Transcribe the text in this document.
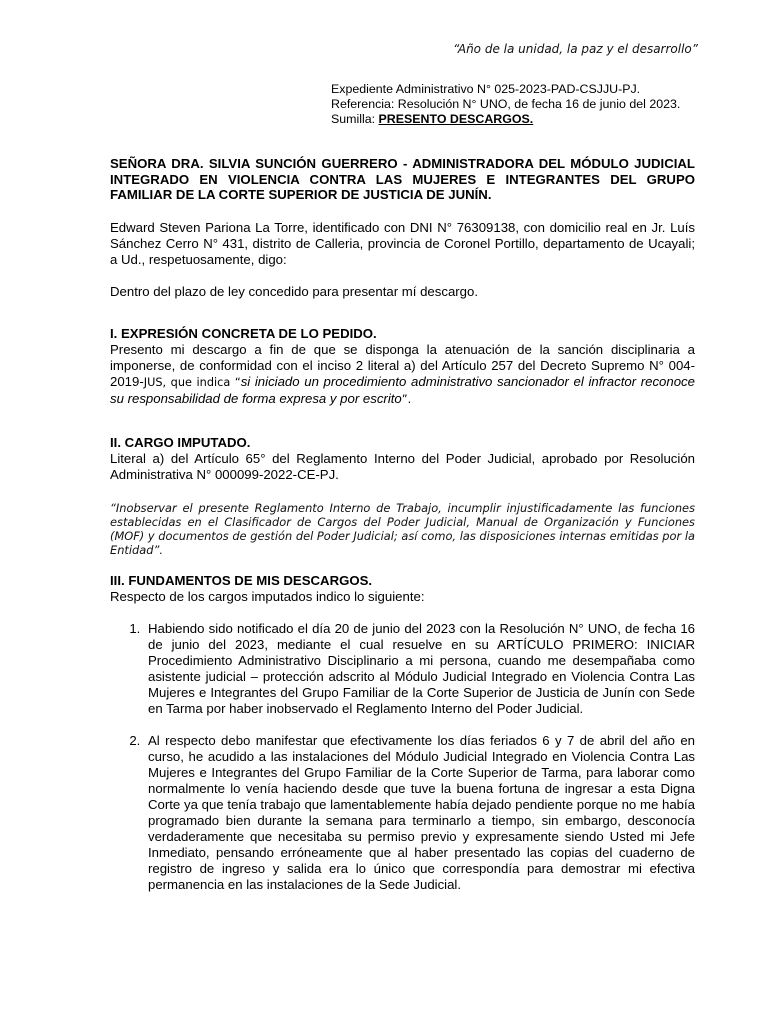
“Año de la unidad, la paz y el desarrollo”
Expediente Administrativo N° 025-2023-PAD-CSJJU-PJ.
Referencia: Resolución N° UNO, de fecha 16 de junio del 2023.
Sumilla: PRESENTO DESCARGOS.

SEÑORA DRA. SILVIA SUNCIÓN GUERRERO - ADMINISTRADORA DEL MÓDULO JUDICIAL INTEGRADO EN VIOLENCIA CONTRA LAS MUJERES E INTEGRANTES DEL GRUPO FAMILIAR DE LA CORTE SUPERIOR DE JUSTICIA DE JUNÍN.

Edward Steven Pariona La Torre, identificado con DNI N° 76309138, con domicilio real en Jr. Luís Sánchez Cerro N° 431, distrito de Calleria, provincia de Coronel Portillo, departamento de Ucayali; a Ud., respetuosamente, digo:

Dentro del plazo de ley concedido para presentar mí descargo.

I. EXPRESIÓN CONCRETA DE LO PEDIDO.

Presento mi descargo a fin de que se disponga la atenuación de la sanción disciplinaria a imponerse, de conformidad con el inciso 2 literal a) del Artículo 257 del Decreto Supremo N° 004-2019-JUS, que indica “si iniciado un procedimiento administrativo sancionador el infractor reconoce su responsabilidad de forma expresa y por escrito”.

II. CARGO IMPUTADO.

Literal a) del Artículo 65° del Reglamento Interno del Poder Judicial, aprobado por Resolución Administrativa N° 000099-2022-CE-PJ.

“Inobservar el presente Reglamento Interno de Trabajo, incumplir injustificadamente las funciones establecidas en el Clasificador de Cargos del Poder Judicial, Manual de Organización y Funciones (MOF) y documentos de gestión del Poder Judicial; así como, las disposiciones internas emitidas por la Entidad”.

III. FUNDAMENTOS DE MIS DESCARGOS.

Respecto de los cargos imputados indico lo siguiente:

1. Habiendo sido notificado el día 20 de junio del 2023 con la Resolución N° UNO, de fecha 16 de junio del 2023, mediante el cual resuelve en su ARTÍCULO PRIMERO: INICIAR Procedimiento Administrativo Disciplinario a mi persona, cuando me desempañaba como asistente judicial – protección adscrito al Módulo Judicial Integrado en Violencia Contra Las Mujeres e Integrantes del Grupo Familiar de la Corte Superior de Justicia de Junín con Sede en Tarma por haber inobservado el Reglamento Interno del Poder Judicial.
2. Al respecto debo manifestar que efectivamente los días feriados 6 y 7 de abril del año en curso, he acudido a las instalaciones del Módulo Judicial Integrado en Violencia Contra Las Mujeres e Integrantes del Grupo Familiar de la Corte Superior de Tarma, para laborar como normalmente lo venía haciendo desde que tuve la buena fortuna de ingresar a esta Digna Corte ya que tenía trabajo que lamentablemente había dejado pendiente porque no me había programado bien durante la semana para terminarlo a tiempo, sin embargo, desconocía verdaderamente que necesitaba su permiso previo y expresamente siendo Usted mi Jefe Inmediato, pensando erróneamente que al haber presentado las copias del cuaderno de registro de ingreso y salida era lo único que correspondía para demostrar mi efectiva permanencia en las instalaciones de la Sede Judicial.
